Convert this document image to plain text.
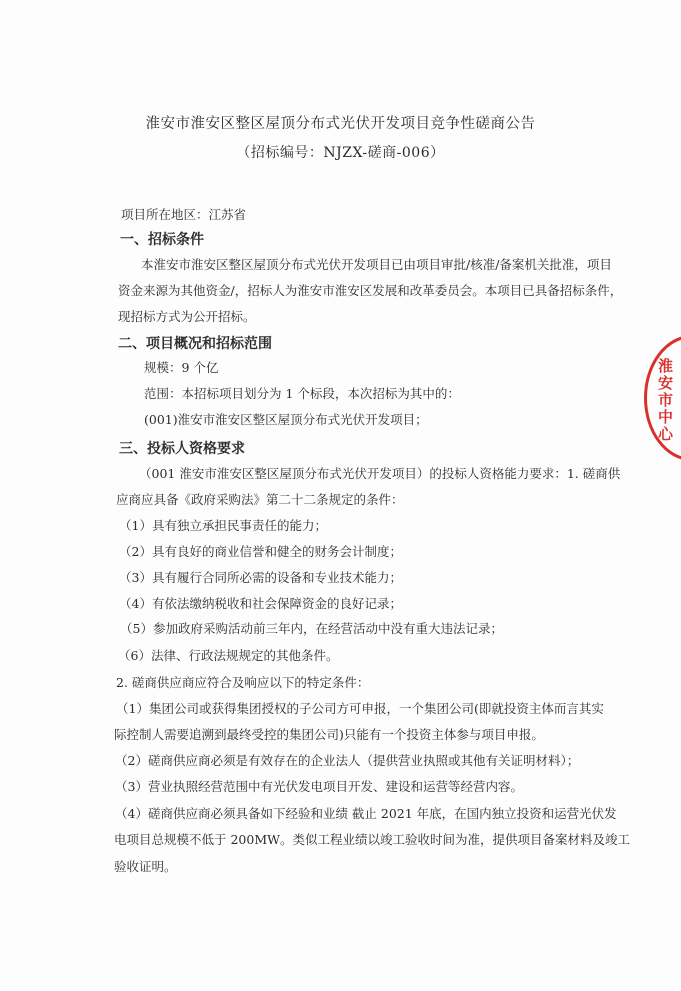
淮安市淮安区整区屋顶分布式光伏开发项目竞争性磋商公告
（招标编号：NJZX-磋商-006）
项目所在地区：江苏省
一、招标条件
本淮安市淮安区整区屋顶分布式光伏开发项目已由项目审批/核准/备案机关批准，项目
资金来源为其他资金/，招标人为淮安市淮安区发展和改革委员会。本项目已具备招标条件，
现招标方式为公开招标。
二、项目概况和招标范围
规模：9 个亿
范围：本招标项目划分为 1 个标段，本次招标为其中的：
(001)淮安市淮安区整区屋顶分布式光伏开发项目；
三、投标人资格要求
（001 淮安市淮安区整区屋顶分布式光伏开发项目）的投标人资格能力要求：1. 磋商供
应商应具备《政府采购法》第二十二条规定的条件：
（1）具有独立承担民事责任的能力；
（2）具有良好的商业信誉和健全的财务会计制度；
（3）具有履行合同所必需的设备和专业技术能力；
（4）有依法缴纳税收和社会保障资金的良好记录；
（5）参加政府采购活动前三年内，在经营活动中没有重大违法记录；
（6）法律、行政法规规定的其他条件。
2. 磋商供应商应符合及响应以下的特定条件：
（1）集团公司或获得集团授权的子公司方可申报，一个集团公司(即就投资主体而言其实
际控制人需要追溯到最终受控的集团公司)只能有一个投资主体参与项目申报。
（2）磋商供应商必须是有效存在的企业法人（提供营业执照或其他有关证明材料）；
（3）营业执照经营范围中有光伏发电项目开发、建设和运营等经营内容。
（4）磋商供应商必须具备如下经验和业绩 截止 2021 年底，在国内独立投资和运营光伏发
电项目总规模不低于 200MW。类似工程业绩以竣工验收时间为准，提供项目备案材料及竣工
验收证明。
淮安市中心
